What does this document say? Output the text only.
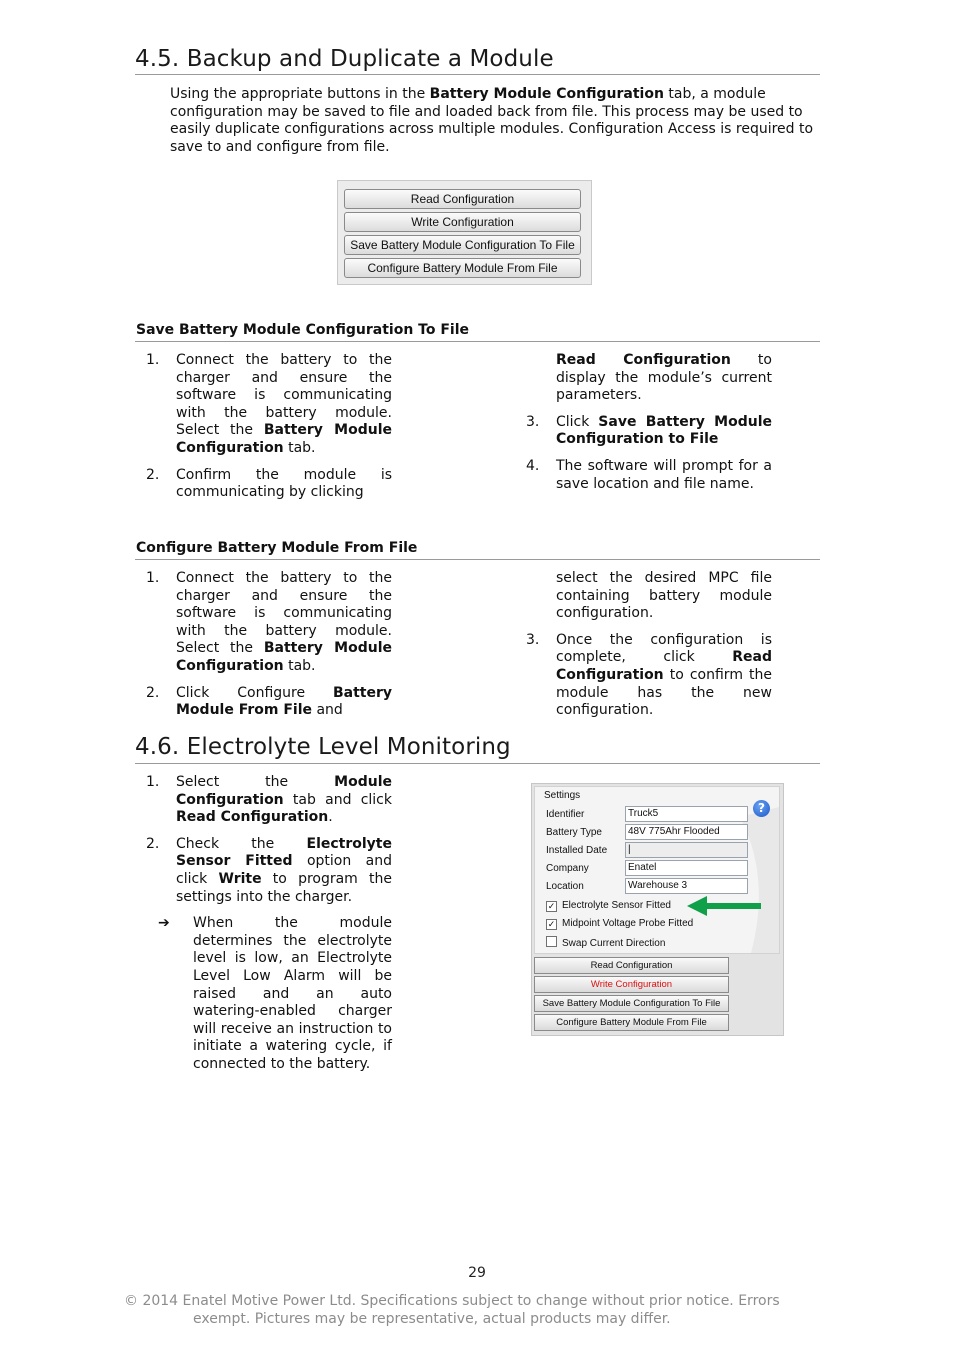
4.5. Backup and Duplicate a Module
Using the appropriate buttons in the Battery Module Configuration tab, a module configuration may be saved to file and loaded back from file. This process may be used to easily duplicate configurations across multiple modules. Configuration Access is required to save to and configure from file.
Read Configuration
Write Configuration
Save Battery Module Configuration To File
Configure Battery Module From File
Save Battery Module Configuration To File
1. Connect the battery to the charger and ensure the software is communicating with the battery module. Select the Battery Module Configuration tab.
2. Confirm the module is communicating by clicking
Read Configuration to display the module’s current parameters.
3. Click Save Battery Module Configuration to File
4. The software will prompt for a save location and file name.
Configure Battery Module From File
1. Connect the battery to the charger and ensure the software is communicating with the battery module. Select the Battery Module Configuration tab.
2. Click Configure Battery Module From File and
select the desired MPC file containing battery module configuration.
3. Once the configuration is complete, click Read Configuration to confirm the module has the new configuration.
4.6. Electrolyte Level Monitoring
1. Select the Module Configuration tab and click Read Configuration.
2. Check the Electrolyte Sensor Fitted option and click Write to program the settings into the charger.
➔ When the module determines the electrolyte level is low, an Electrolyte Level Low Alarm will be raised and an auto watering-enabled charger will receive an instruction to initiate a watering cycle, if connected to the battery.
Settings
?
Identifier	Truck5
Battery Type	48V 775Ahr Flooded
Installed Date	|
Company	Enatel
Location	Warehouse 3
✓ Electrolyte Sensor Fitted
✓ Midpoint Voltage Probe Fitted
Swap Current Direction
Read Configuration
Write Configuration
Save Battery Module Configuration To File
Configure Battery Module From File
29
© 2014 Enatel Motive Power Ltd. Specifications subject to change without prior notice. Errors
exempt. Pictures may be representative, actual products may differ.
